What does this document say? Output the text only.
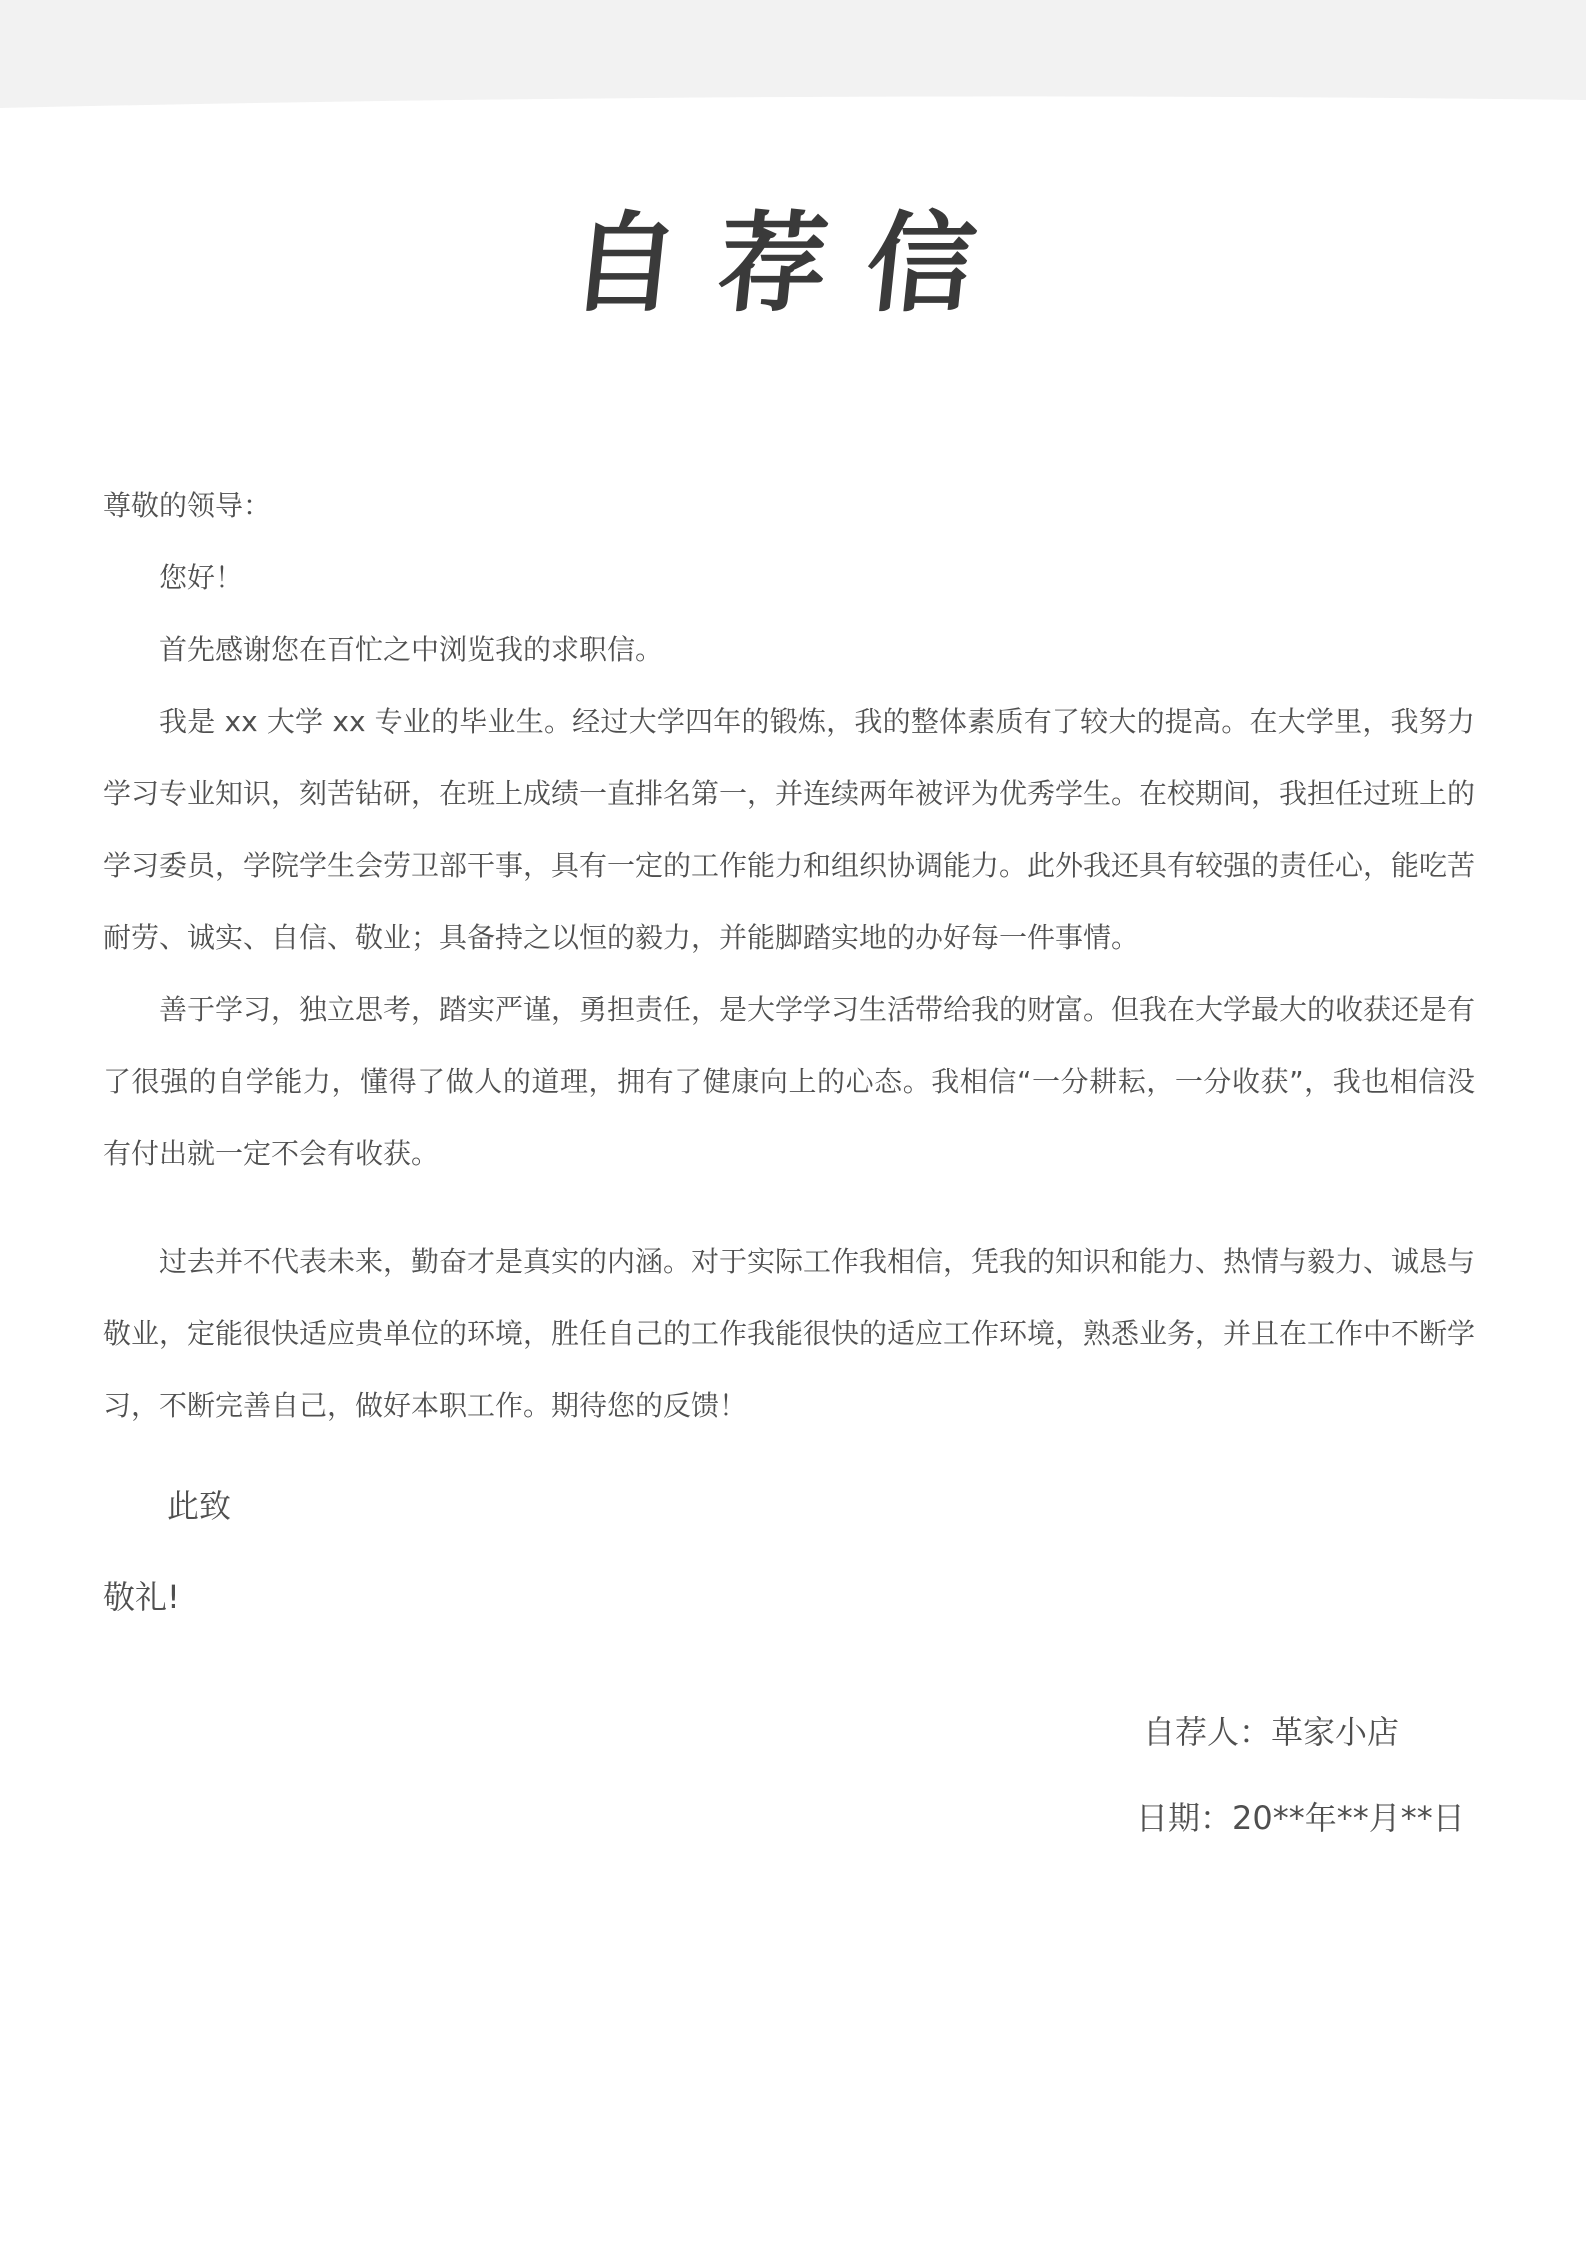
自荐信

尊敬的领导：

您好！

首先感谢您在百忙之中浏览我的求职信。

我是 xx 大学 xx 专业的毕业生。经过大学四年的锻炼，我的整体素质有了较大的提高。在大学里，我努力学习专业知识，刻苦钻研，在班上成绩一直排名第一，并连续两年被评为优秀学生。在校期间，我担任过班上的学习委员，学院学生会劳卫部干事，具有一定的工作能力和组织协调能力。此外我还具有较强的责任心，能吃苦耐劳、诚实、自信、敬业；具备持之以恒的毅力，并能脚踏实地的办好每一件事情。

善于学习，独立思考，踏实严谨，勇担责任，是大学学习生活带给我的财富。但我在大学最大的收获还是有了很强的自学能力，懂得了做人的道理，拥有了健康向上的心态。我相信“一分耕耘，一分收获”，我也相信没有付出就一定不会有收获。

过去并不代表未来，勤奋才是真实的内涵。对于实际工作我相信，凭我的知识和能力、热情与毅力、诚恳与敬业，定能很快适应贵单位的环境，胜任自己的工作我能很快的适应工作环境，熟悉业务，并且在工作中不断学习，不断完善自己，做好本职工作。期待您的反馈！

此致
敬礼!
自荐人：革家小店
日期：20**年**月**日
